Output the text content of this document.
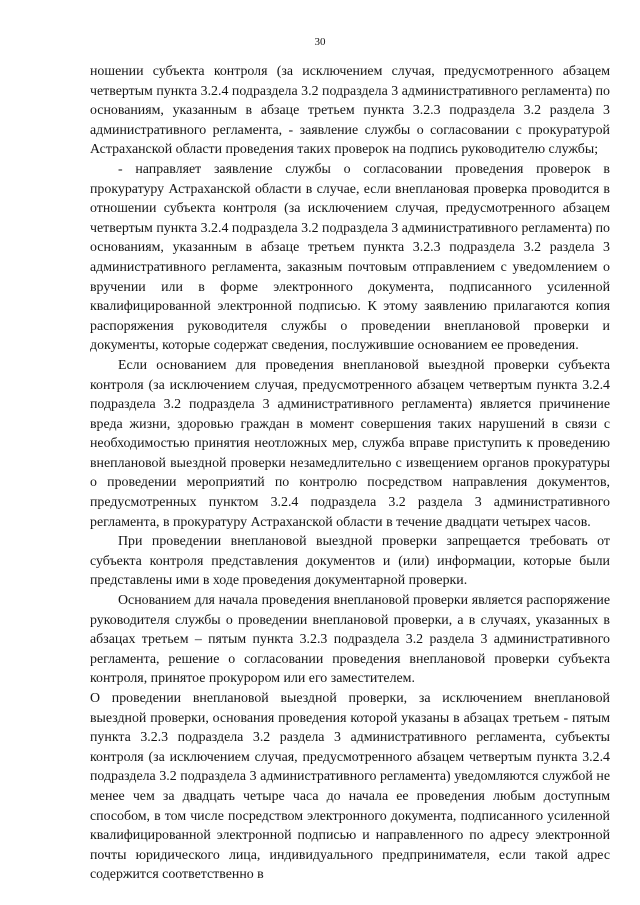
30

ношении субъекта контроля (за исключением случая, предусмотренного абзацем четвертым пункта 3.2.4 подраздела 3.2 подраздела 3 административного регламента) по основаниям, указанным в абзаце третьем пункта 3.2.3 подраздела 3.2 раздела 3 административного регламента, - заявление службы о согласовании с прокуратурой Астраханской области проведения таких проверок на подпись руководителю службы;

- направляет заявление службы о согласовании проведения проверок в прокуратуру Астраханской области в случае, если внеплановая проверка проводится в отношении субъекта контроля (за исключением случая, предусмотренного абзацем четвертым пункта 3.2.4 подраздела 3.2 подраздела 3 административного регламента) по основаниям, указанным в абзаце третьем пункта 3.2.3 подраздела 3.2 раздела 3 административного регламента, заказным почтовым отправлением с уведомлением о вручении или в форме электронного документа, подписанного усиленной квалифицированной электронной подписью. К этому заявлению прилагаются копия распоряжения руководителя службы о проведении внеплановой проверки и документы, которые содержат сведения, послужившие основанием ее проведения.

Если основанием для проведения внеплановой выездной проверки субъекта контроля (за исключением случая, предусмотренного абзацем четвертым пункта 3.2.4 подраздела 3.2 подраздела 3 административного регламента) является причинение вреда жизни, здоровью граждан в момент совершения таких нарушений в связи с необходимостью принятия неотложных мер, служба вправе приступить к проведению внеплановой выездной проверки незамедлительно с извещением органов прокуратуры о проведении мероприятий по контролю посредством направления документов, предусмотренных пунктом 3.2.4 подраздела 3.2 раздела 3 административного регламента, в прокуратуру Астраханской области в течение двадцати четырех часов.

При проведении внеплановой выездной проверки запрещается требовать от субъекта контроля представления документов и (или) информации, которые были представлены ими в ходе проведения документарной проверки.

Основанием для начала проведения внеплановой проверки является распоряжение руководителя службы о проведении внеплановой проверки, а в случаях, указанных в абзацах третьем – пятым пункта 3.2.3 подраздела 3.2 раздела 3 административного регламента, решение о согласовании проведения внеплановой проверки субъекта контроля, принятое прокурором или его заместителем.

О проведении внеплановой выездной проверки, за исключением внеплановой выездной проверки, основания проведения которой указаны в абзацах третьем - пятым пункта 3.2.3 подраздела 3.2 раздела 3 административного регламента, субъекты контроля (за исключением случая, предусмотренного абзацем четвертым пункта 3.2.4 подраздела 3.2 подраздела 3 административного регламента) уведомляются службой не менее чем за двадцать четыре часа до начала ее проведения любым доступным способом, в том числе посредством электронного документа, подписанного усиленной квалифицированной электронной подписью и направленного по адресу электронной почты юридического лица, индивидуального предпринимателя, если такой адрес содержится соответственно в
